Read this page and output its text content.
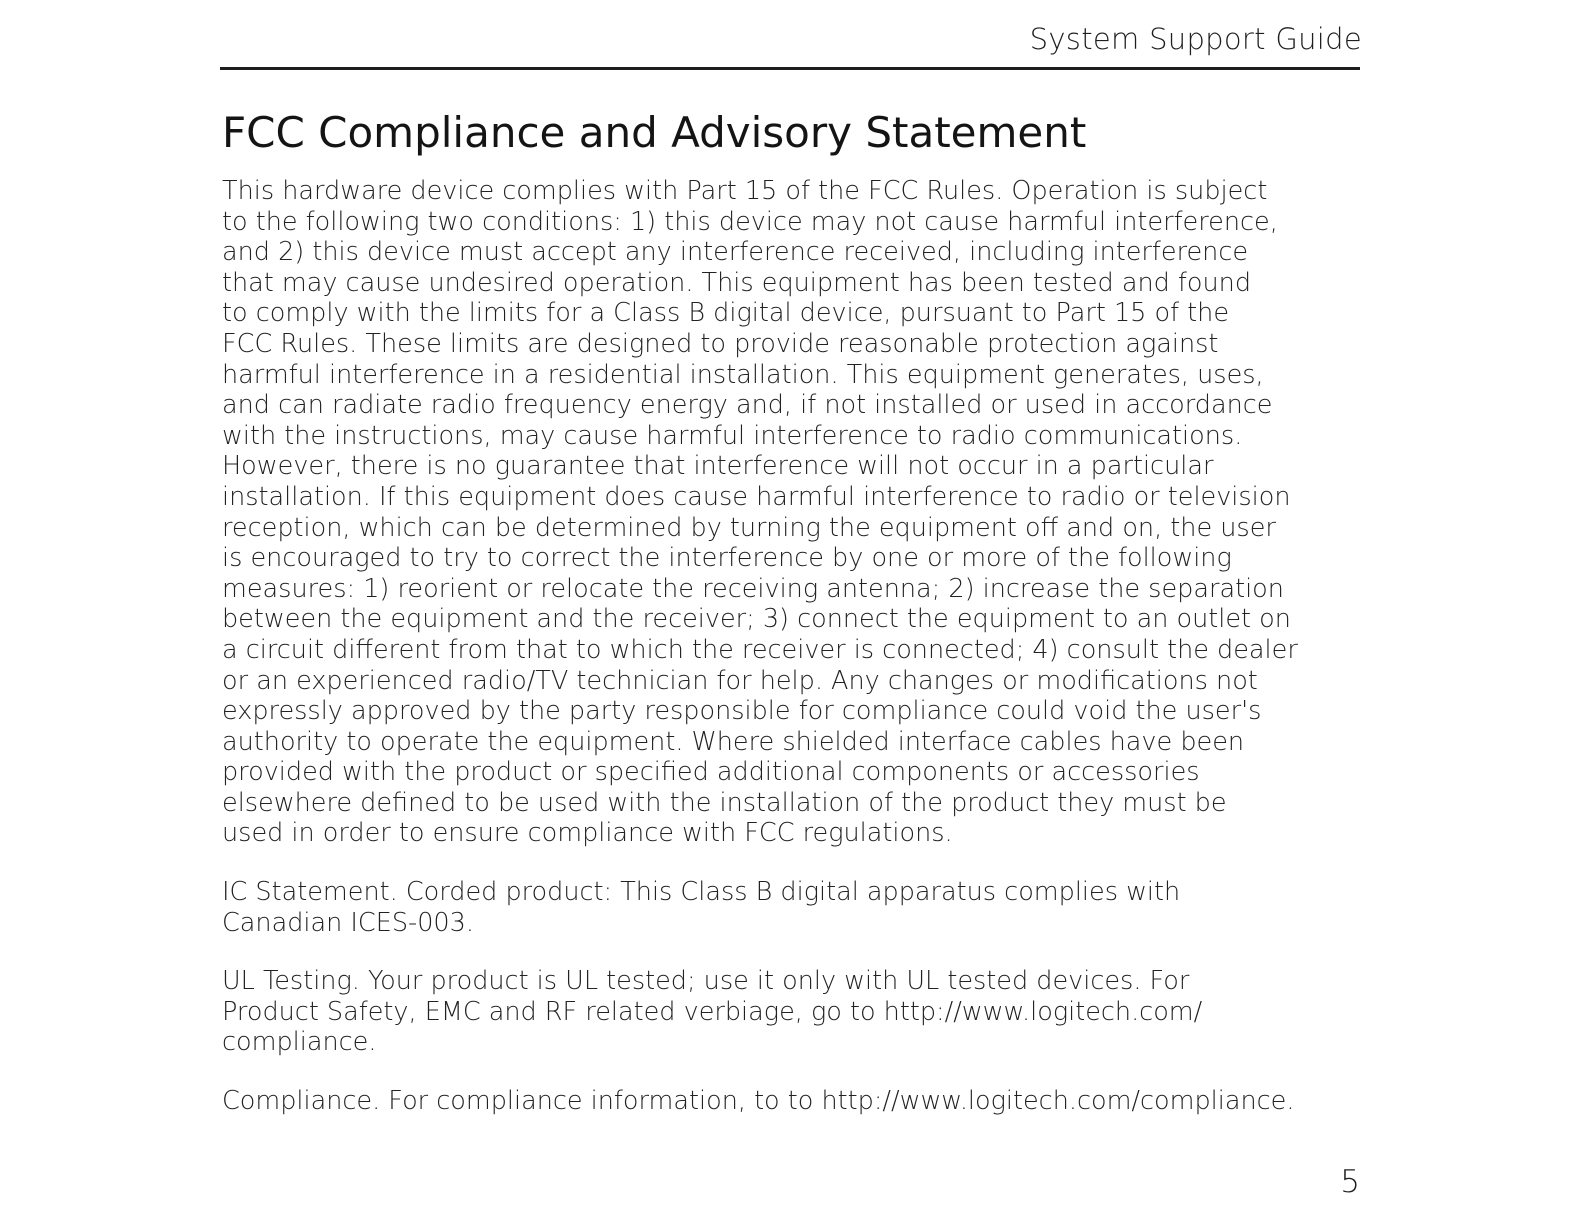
System Support Guide
FCC Compliance and Advisory Statement

This hardware device complies with Part 15 of the FCC Rules. Operation is subject
to the following two conditions: 1) this device may not cause harmful interference,
and 2) this device must accept any interference received, including interference
that may cause undesired operation. This equipment has been tested and found
to comply with the limits for a Class B digital device, pursuant to Part 15 of the
FCC Rules. These limits are designed to provide reasonable protection against
harmful interference in a residential installation. This equipment generates, uses,
and can radiate radio frequency energy and, if not installed or used in accordance
with the instructions, may cause harmful interference to radio communications.
However, there is no guarantee that interference will not occur in a particular
installation. If this equipment does cause harmful interference to radio or television
reception, which can be determined by turning the equipment off and on, the user
is encouraged to try to correct the interference by one or more of the following
measures: 1) reorient or relocate the receiving antenna; 2) increase the separation
between the equipment and the receiver; 3) connect the equipment to an outlet on
a circuit different from that to which the receiver is connected; 4) consult the dealer
or an experienced radio/TV technician for help. Any changes or modifications not
expressly approved by the party responsible for compliance could void the user's
authority to operate the equipment. Where shielded interface cables have been
provided with the product or specified additional components or accessories
elsewhere defined to be used with the installation of the product they must be
used in order to ensure compliance with FCC regulations.

IC Statement. Corded product: This Class B digital apparatus complies with
Canadian ICES-003.

UL Testing. Your product is UL tested; use it only with UL tested devices. For
Product Safety, EMC and RF related verbiage, go to http://www.logitech.com/
compliance.

Compliance. For compliance information, to to http://www.logitech.com/compliance.

5
